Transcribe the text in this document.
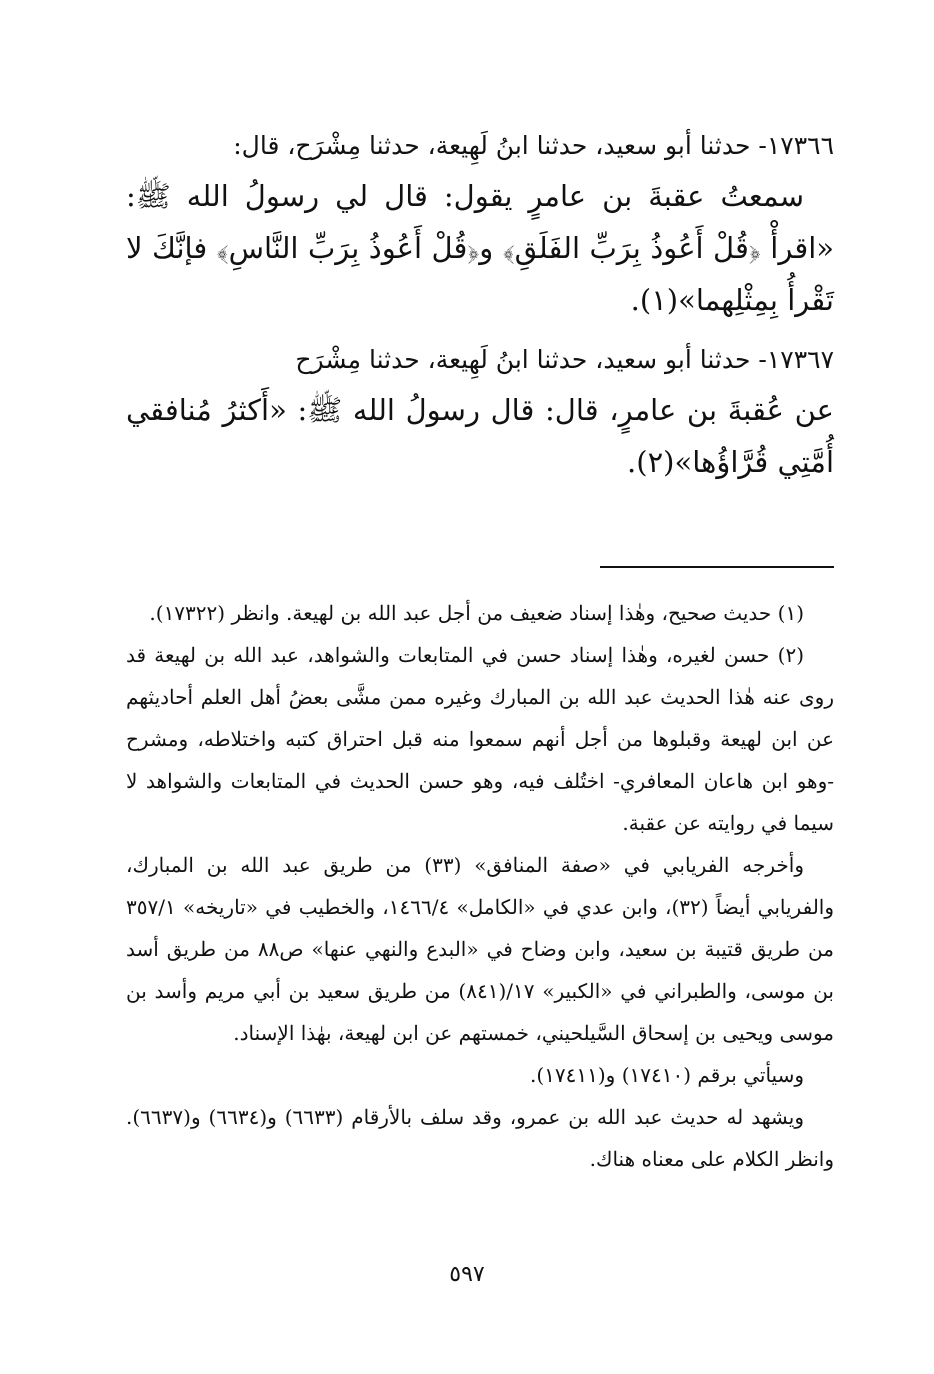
١٧٣٦٦- حدثنا أبو سعيد، حدثنا ابنُ لَهِيعة، حدثنا مِشْرَح، قال:

سمعتُ عقبةَ بن عامرٍ يقول: قال لي رسولُ الله ﷺ: «اقرأْ ﴿قُلْ أَعُوذُ بِرَبِّ الفَلَقِ﴾ و﴿قُلْ أَعُوذُ بِرَبِّ النَّاسِ﴾ فإنَّكَ لا تَقْرأُ بِمِثْلِهما»(١).

١٧٣٦٧- حدثنا أبو سعيد، حدثنا ابنُ لَهِيعة، حدثنا مِشْرَح

عن عُقبةَ بن عامرٍ، قال: قال رسولُ الله ﷺ: «أَكثرُ مُنافقي أُمَّتِي قُرَّاؤُها»(٢).

(١) حديث صحيح، وهٰذا إسناد ضعيف من أجل عبد الله بن لهيعة. وانظر (١٧٣٢٢).

(٢) حسن لغيره، وهٰذا إسناد حسن في المتابعات والشواهد، عبد الله بن لهيعة قد روى عنه هٰذا الحديث عبد الله بن المبارك وغيره ممن مشَّى بعضُ أهل العلم أحاديثهم عن ابن لهيعة وقبلوها من أجل أنهم سمعوا منه قبل احتراق كتبه واختلاطه، ومشرح -وهو ابن هاعان المعافري- اختُلف فيه، وهو حسن الحديث في المتابعات والشواهد لا سيما في روايته عن عقبة.

وأخرجه الفريابي في «صفة المنافق» (٣٣) من طريق عبد الله بن المبارك، والفريابي أيضاً (٣٢)، وابن عدي في «الكامل» ١٤٦٦/٤، والخطيب في «تاريخه» ٣٥٧/١ من طريق قتيبة بن سعيد، وابن وضاح في «البدع والنهي عنها» ص٨٨ من طريق أسد بن موسى، والطبراني في «الكبير» ١٧/(٨٤١) من طريق سعيد بن أبي مريم وأسد بن موسى ويحيى بن إسحاق السَّيلحيني، خمستهم عن ابن لهيعة، بهٰذا الإسناد.

وسيأتي برقم (١٧٤١٠) و(١٧٤١١).

ويشهد له حديث عبد الله بن عمرو، وقد سلف بالأرقام (٦٦٣٣) و(٦٦٣٤) و(٦٦٣٧). وانظر الكلام على معناه هناك.

٥٩٧
